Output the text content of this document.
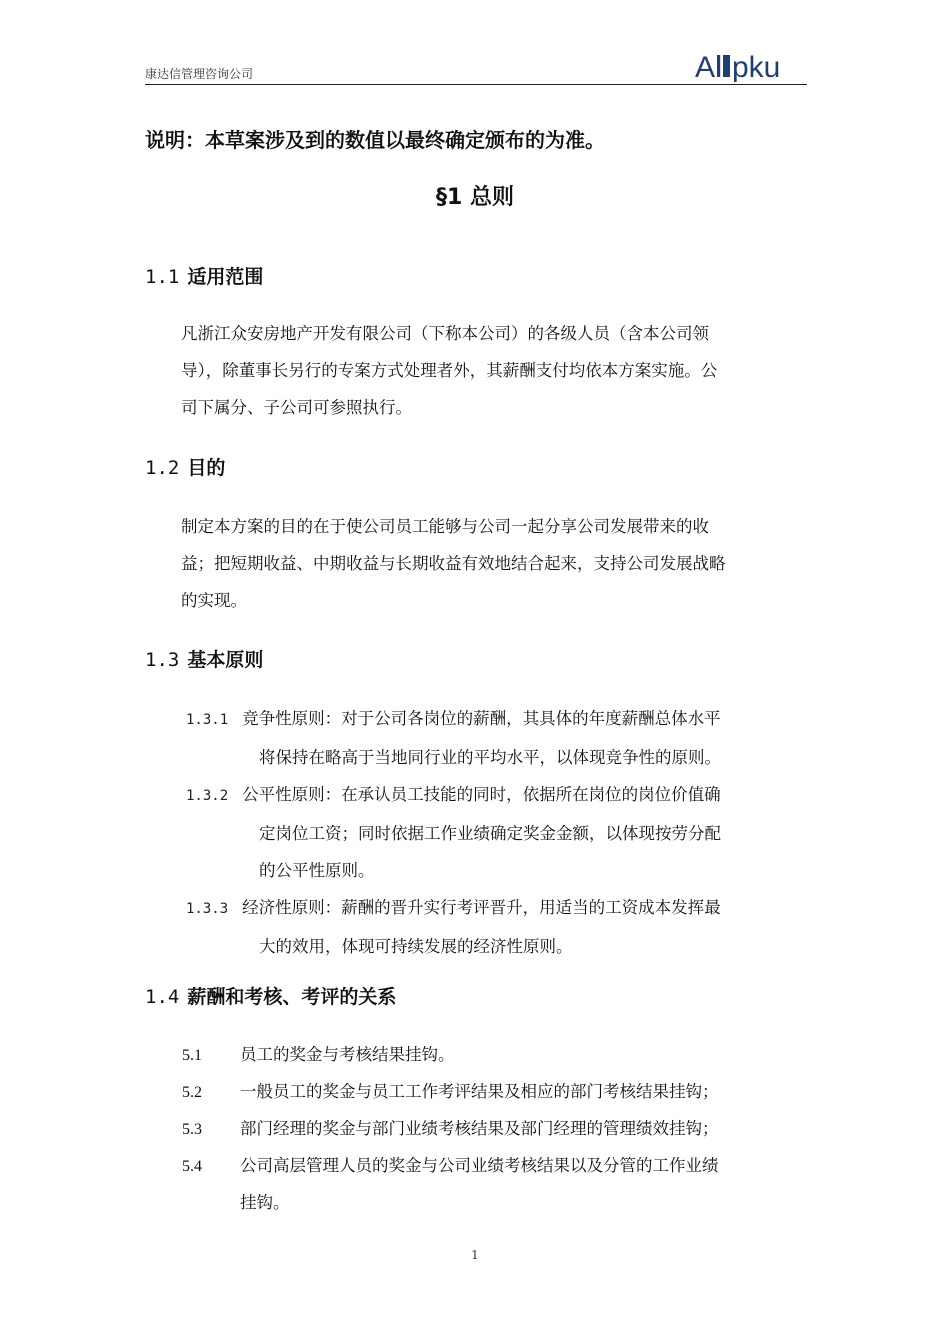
康达信管理咨询公司	A pku
说明：本草案涉及到的数值以最终确定颁布的为准。
§1 总则
1.1 适用范围
凡浙江众安房地产开发有限公司（下称本公司）的各级人员（含本公司领
导），除董事长另行的专案方式处理者外，其薪酬支付均依本方案实施。公
司下属分、子公司可参照执行。
1.2 目的
制定本方案的目的在于使公司员工能够与公司一起分享公司发展带来的收
益；把短期收益、中期收益与长期收益有效地结合起来，支持公司发展战略
的实现。
1.3 基本原则
1.3.1 竞争性原则：对于公司各岗位的薪酬，其具体的年度薪酬总体水平
将保持在略高于当地同行业的平均水平，以体现竞争性的原则。
1.3.2 公平性原则：在承认员工技能的同时，依据所在岗位的岗位价值确
定岗位工资；同时依据工作业绩确定奖金金额，以体现按劳分配
的公平性原则。
1.3.3 经济性原则：薪酬的晋升实行考评晋升，用适当的工资成本发挥最
大的效用，体现可持续发展的经济性原则。
1.4 薪酬和考核、考评的关系
5.1 员工的奖金与考核结果挂钩。
5.2 一般员工的奖金与员工工作考评结果及相应的部门考核结果挂钩；
5.3 部门经理的奖金与部门业绩考核结果及部门经理的管理绩效挂钩；
5.4 公司高层管理人员的奖金与公司业绩考核结果以及分管的工作业绩
挂钩。
1
